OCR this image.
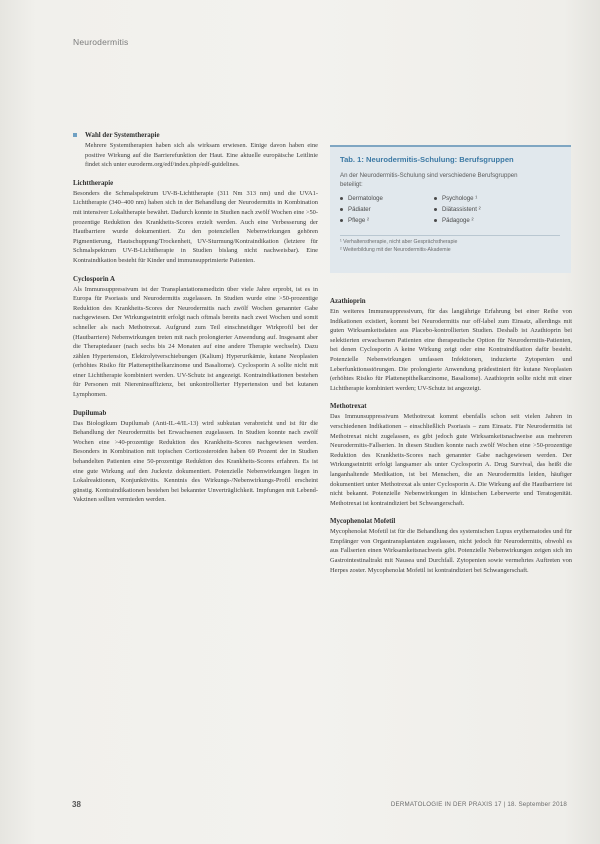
Neurodermitis
Wahl der Systemtherapie

Mehrere Systemtherapien haben sich als wirksam erwiesen. Einige davon haben eine positive Wirkung auf die Barrierefunktion der Haut. Eine aktuelle europäische Leitlinie findet sich unter euroderm.org/edf/index.php/edf-guidelines.

Lichttherapie

Besonders die Schmalspektrum UV-B-Lichttherapie (311 Nm 313 nm) und die UVA1-Lichttherapie (340–400 nm) haben sich in der Behandlung der Neurodermitis in Kombination mit intensiver Lokaltherapie bewährt. Dadurch konnte in Studien nach zwölf Wochen eine >50-prozentige Reduktion des Krankheits-Scores erzielt werden. Auch eine Verbesserung der Hautbarriere wurde dokumentiert. Zu den potenziellen Nebenwirkungen gehören Pigmentierung, Hautschuppung/Trockenheit, UV-Sturmung/Kontraindikation (letztere für Schmalspektrum UV-B-Lichttherapie in Studien bislang nicht nachweisbar). Eine Kontraindikation besteht für Kinder und immunsupprimierte Patienten.

Cyclosporin A

Als Immunsuppressivum ist der Transplantationsmedizin über viele Jahre erprobt, ist es in Europa für Psoriasis und Neurodermitis zugelassen. In Studien wurde eine >50-prozentige Reduktion des Krankheits-Scores der Neurodermitis nach zwölf Wochen genannter Gabe nachgewiesen. Der Wirkungseintritt erfolgt nach oftmals bereits nach zwei Wochen und somit schneller als nach Methotrexat. Aufgrund zum Teil einschneidiger Wirkprofil bei der (Hautbarriere) Nebenwirkungen treten mit nach prolongierter Anwendung auf. Insgesamt aber die Therapiedauer (nach sechs bis 24 Monaten auf eine andere Therapie wechseln). Dazu zählen Hypertension, Elektrolytverschiebungen (Kalium) Hyperurikämie, kutane Neoplasien (erhöhtes Risiko für Plattenepithelkarzinome und Basaliome). Cyclosporin A sollte nicht mit einer Lichttherapie kombiniert werden. UV-Schutz ist angezeigt. Kontraindikationen bestehen für Personen mit Niereninsuffizienz, bei unkontrollierter Hypertension und bei kutanen Lymphomen.

Dupilumab

Das Biologikum Dupilumab (Anti-IL-4/IL-13) wird subkutan verabreicht und ist für die Behandlung der Neurodermitis bei Erwachsenen zugelassen. In Studien konnte nach zwölf Wochen eine >40-prozentige Reduktion des Krankheits-Scores nachgewiesen werden. Besonders in Kombination mit topischen Corticosteroiden haben 69 Prozent der in Studien behandelten Patienten eine 50-prozentige Reduktion des Krankheits-Scores erfahren. Es ist eine gute Wirkung auf den Juckreiz dokumentiert. Potenzielle Nebenwirkungen liegen in Lokalreaktionen, Konjunktivitis. Kenntnis des Wirkungs-/Nebenwirkungs-Profil erscheint günstig. Kontraindikationen bestehen bei bekannter Unverträglichkeit. Impfungen mit Lebend-Vakzinen sollten vermieden werden.

Tab. 1: Neurodermitis-Schulung: Berufsgruppen
An der Neurodermitis-Schulung sind verschiedene Berufsgruppen beteiligt:
Dermatologe	Psychologe ¹
Pädiater	Diätassistent ²
Pflege ²	Pädagoge ²
¹ Verhaltenstherapie, nicht aber Gesprächstherapie
² Weiterbildung mit der Neurodermitis-Akademie
Azathioprin

Ein weiteres Immunsuppressivum, für das langjährige Erfahrung bei einer Reihe von Indikationen existiert, kommt bei Neurodermitis nur off-label zum Einsatz, allerdings mit guten Wirksamkeitsdaten aus Placebo-kontrollierten Studien. Deshalb ist Azathioprin bei selektierten erwachsenen Patienten eine therapeutische Option für Neurodermitis-Patienten, bei denen Cyclosporin A keine Wirkung zeigt oder eine Kontraindikation dafür besteht. Potenzielle Nebenwirkungen umfassen Infektionen, induzierte Zytopenien und Leberfunktionsstörungen. Die prolongierte Anwendung prädestiniert für kutane Neoplasien (erhöhtes Risiko für Plattenepithelkarzinome, Basaliome). Azathioprin sollte nicht mit einer Lichttherapie kombiniert werden; UV-Schutz ist angezeigt.

Methotrexat

Das Immunsuppressivum Methotrexat kommt ebenfalls schon seit vielen Jahren in verschiedenen Indikationen – einschließlich Psoriasis – zum Einsatz. Für Neurodermitis ist Methotrexat nicht zugelassen, es gibt jedoch gute Wirksamkeitsnachweise aus mehreren Neurodermitis-Fallserien. In diesen Studien konnte nach zwölf Wochen eine >50-prozentige Reduktion des Krankheits-Scores nach genannter Gabe nachgewiesen werden. Der Wirkungseintritt erfolgt langsamer als unter Cyclosporin A. Drug Survival, das heißt die langanhaltende Medikation, ist bei Menschen, die an Neurodermitis leiden, häufiger dokumentiert unter Methotrexat als unter Cyclosporin A. Die Wirkung auf die Hautbarriere ist nicht bekannt. Potenzielle Nebenwirkungen in klinischen Leberwerte und Teratogenität. Methotrexat ist kontraindiziert bei Schwangerschaft.

Mycophenolat Mofetil

Mycophenolat Mofetil ist für die Behandlung des systemischen Lupus erythematodes und für Empfänger von Organtransplantaten zugelassen, nicht jedoch für Neurodermitis, obwohl es aus Fallserien einen Wirksamkeitsnachweis gibt. Potenzielle Nebenwirkungen zeigen sich im Gastrointestinaltrakt mit Nausea und Durchfall. Zytopenien sowie vermehrtes Auftreten von Herpes zoster. Mycophenolat Mofetil ist kontraindiziert bei Schwangerschaft.

38	DERMATOLOGIE IN DER PRAXIS 17 | 18. September 2018
